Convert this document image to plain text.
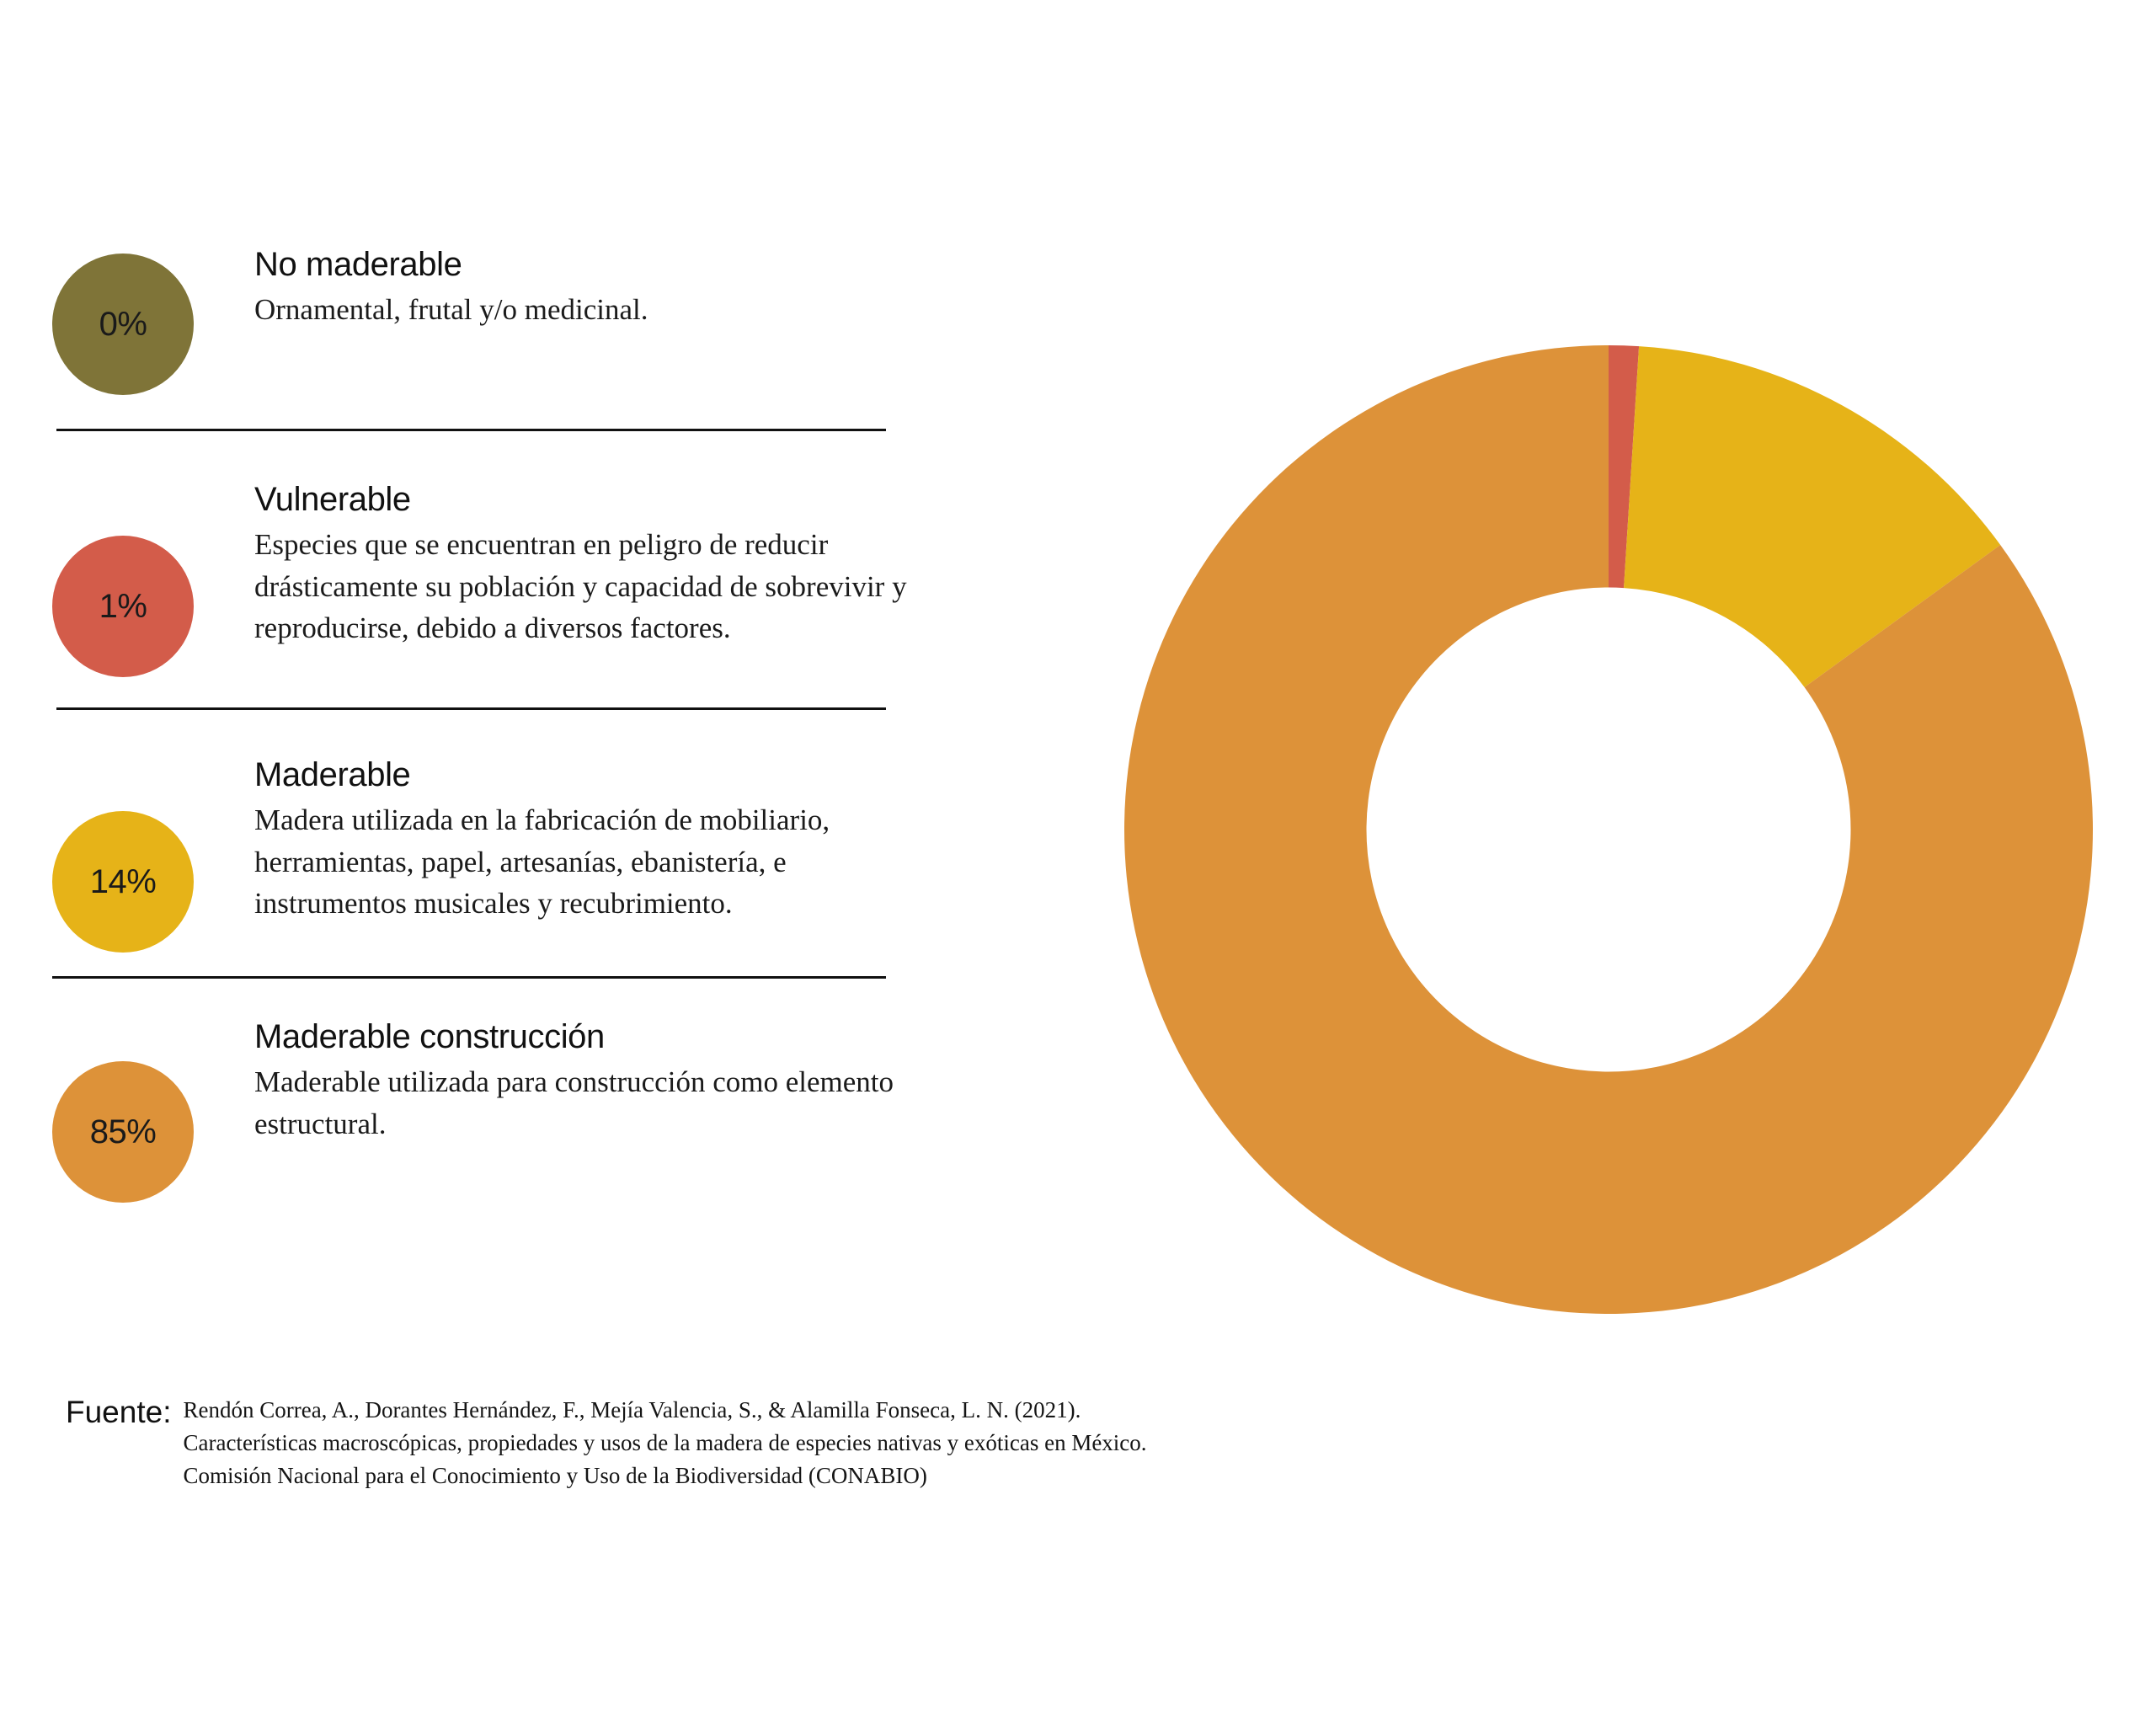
0%

No maderable

Ornamental, frutal y/o medicinal.

1%

Vulnerable

Especies que se encuentran en peligro de reducir drásticamente su población y capacidad de sobrevivir y reproducirse, debido a diversos factores.

14%

Maderable

Madera utilizada en la fabricación de mobiliario, herramientas, papel, artesanías, ebanistería, e instrumentos musicales y recubrimiento.

85%

Maderable construcción

Maderable utilizada para construcción como elemento estructural.

Fuente: Rendón Correa, A., Dorantes Hernández, F., Mejía Valencia, S., & Alamilla Fonseca, L. N. (2021).
Características macroscópicas, propiedades y usos de la madera de especies nativas y exóticas en México.
Comisión Nacional para el Conocimiento y Uso de la Biodiversidad (CONABIO)
